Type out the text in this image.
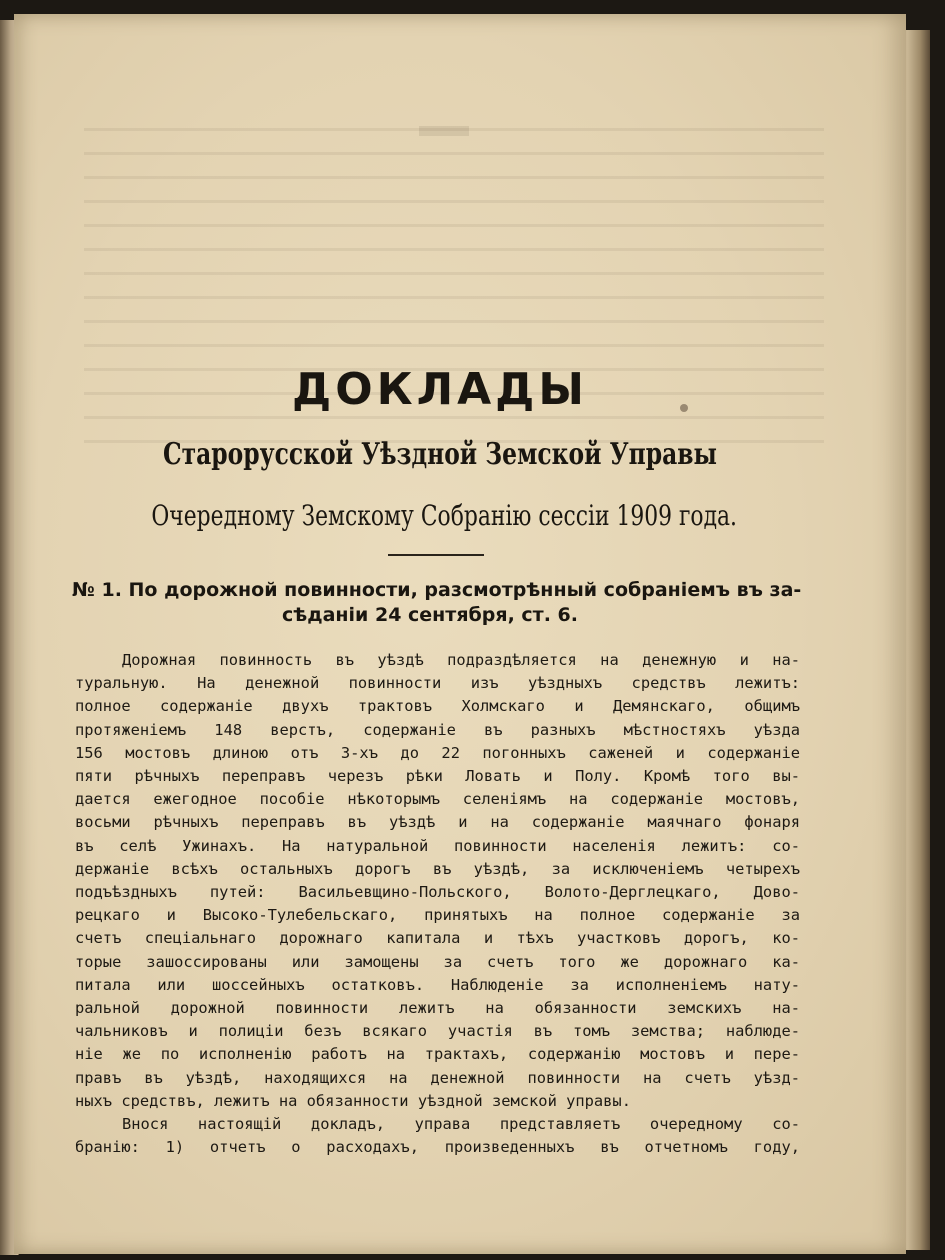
ДОКЛАДЫ
Старорусской Уѣздной Земской Управы
Очередному Земскому Собранію сессіи 1909 года.
№ 1. По дорожной повинности, разсмотрѣнный собраніемъ въ за-
сѣданіи 24 сентября, ст. 6.
Дорожная повинность въ уѣздѣ подраздѣляется на денежную и на-
туральную. На денежной повинности изъ уѣздныхъ средствъ лежитъ:
полное содержаніе двухъ трактовъ Холмскаго и Демянскаго, общимъ
протяженіемъ 148 верстъ, содержаніе въ разныхъ мѣстностяхъ уѣзда
156 мостовъ длиною отъ 3-хъ до 22 погонныхъ саженей и содержаніе
пяти рѣчныхъ переправъ черезъ рѣки Ловать и Полу. Кромѣ того вы-
дается ежегодное пособіе нѣкоторымъ селеніямъ на содержаніе мостовъ,
восьми рѣчныхъ переправъ въ уѣздѣ и на содержаніе маячнаго фонаря
въ селѣ Ужинахъ. На натуральной повинности населенія лежитъ: со-
держаніе всѣхъ остальныхъ дорогъ въ уѣздѣ, за исключеніемъ четырехъ
подъѣздныхъ путей: Васильевщино-Польского, Волото-Дерглецкаго, Дово-
рецкаго и Высоко-Тулебельскаго, принятыхъ на полное содержаніе за
счетъ спеціальнаго дорожнаго капитала и тѣхъ участковъ дорогъ, ко-
торые зашоссированы или замощены за счетъ того же дорожнаго ка-
питала или шоссейныхъ остатковъ. Наблюденіе за исполненіемъ нату-
ральной дорожной повинности лежитъ на обязанности земскихъ на-
чальниковъ и полиціи безъ всякаго участія въ томъ земства; наблюде-
ніе же по исполненію работъ на трактахъ, содержанію мостовъ и пере-
правъ въ уѣздѣ, находящихся на денежной повинности на счетъ уѣзд-
ныхъ средствъ, лежитъ на обязанности уѣздной земской управы.
Внося настоящій докладъ, управа представляетъ очередному со-
бранію: 1) отчетъ о расходахъ, произведенныхъ въ отчетномъ году,
